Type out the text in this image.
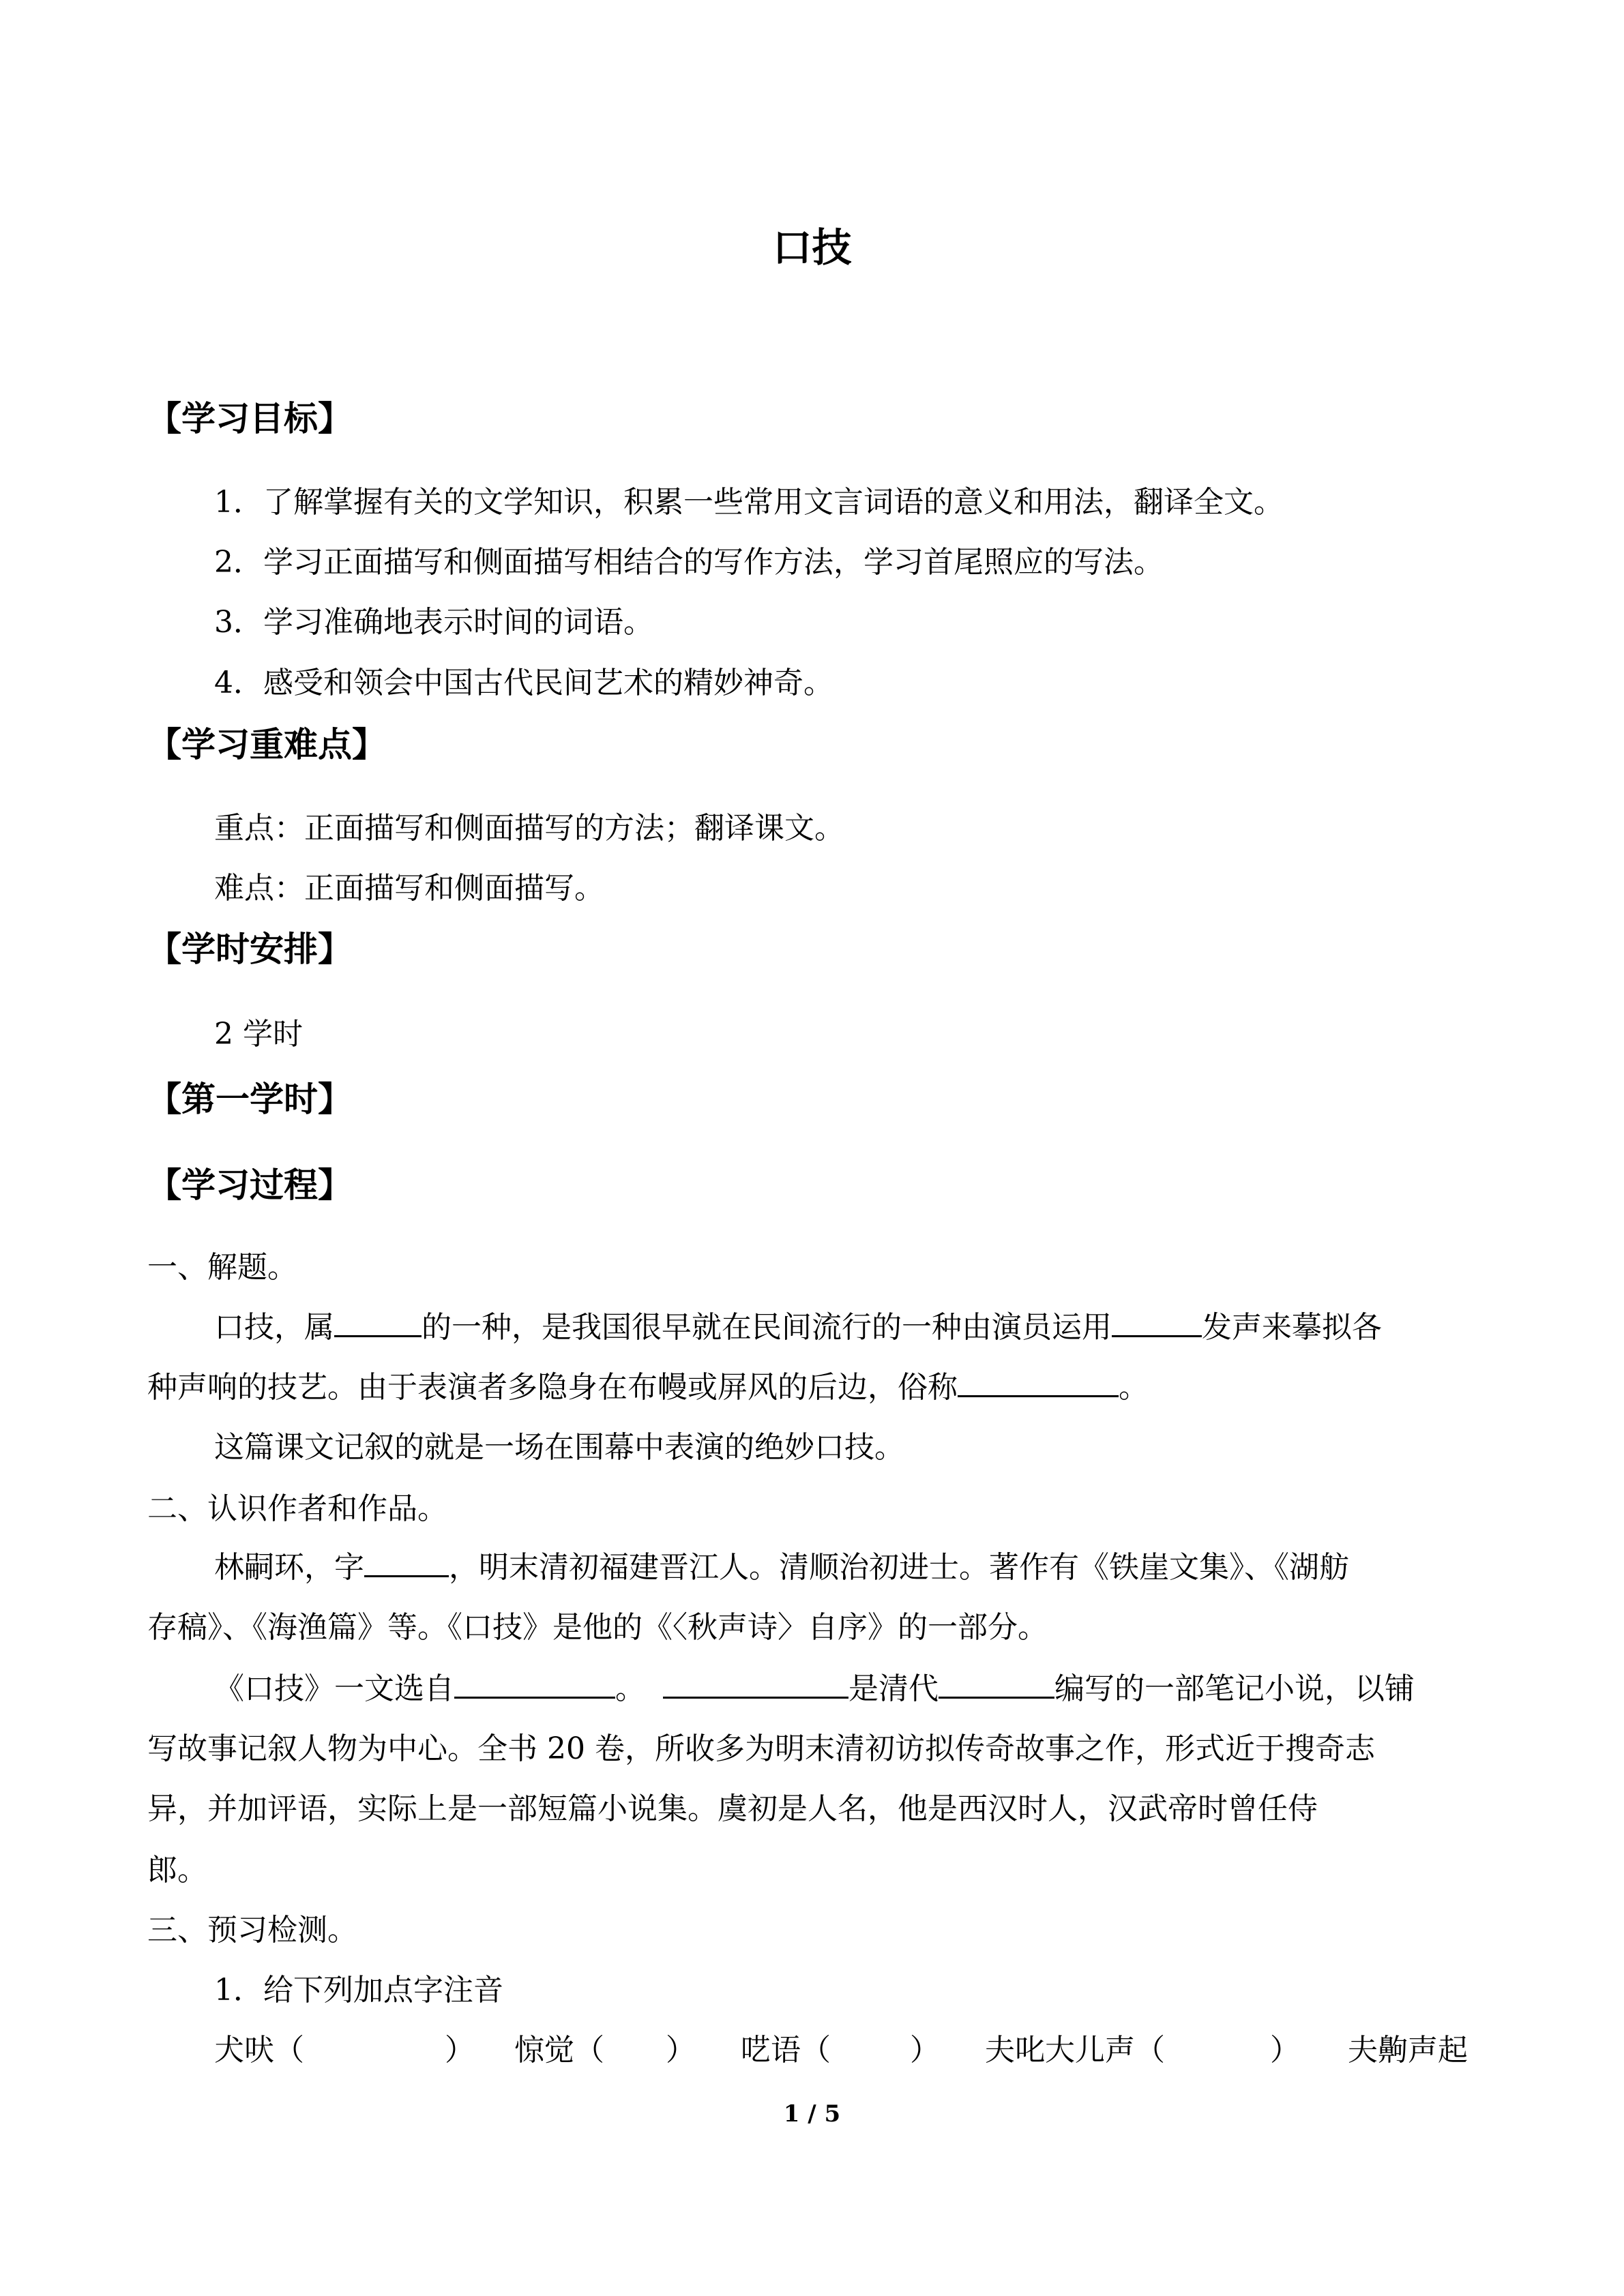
口技
【学习目标】
1．了解掌握有关的文学知识，积累一些常用文言词语的意义和用法，翻译全文。
2．学习正面描写和侧面描写相结合的写作方法，学习首尾照应的写法。
3．学习准确地表示时间的词语。
4．感受和领会中国古代民间艺术的精妙神奇。
【学习重难点】
重点：正面描写和侧面描写的方法；翻译课文。
难点：正面描写和侧面描写。
【学时安排】
2 学时
【第一学时】
【学习过程】
一、解题。
口技，属	的一种，是我国很早就在民间流行的一种由演员运用	发声来摹拟各
种声响的技艺。由于表演者多隐身在布幔或屏风的后边，俗称	。
这篇课文记叙的就是一场在围幕中表演的绝妙口技。
二、认识作者和作品。
林嗣环，字	，明末清初福建晋江人。清顺治初进士。著作有《铁崖文集》、《湖舫
存稿》、《海渔篇》等。《口技》是他的《〈秋声诗〉自序》的一部分。
《口技》一文选自	。	是清代	编写的一部笔记小说，以铺
写故事记叙人物为中心。全书 20 卷，所收多为明末清初访拟传奇故事之作，形式近于搜奇志
异，并加评语，实际上是一部短篇小说集。虞初是人名，他是西汉时人，汉武帝时曾任侍
郎。
三、预习检测。
1．给下列加点字注音
犬吠（	） 惊觉（ ） 呓语（	） 夫叱大儿声（	） 夫齁声起
1 / 5
